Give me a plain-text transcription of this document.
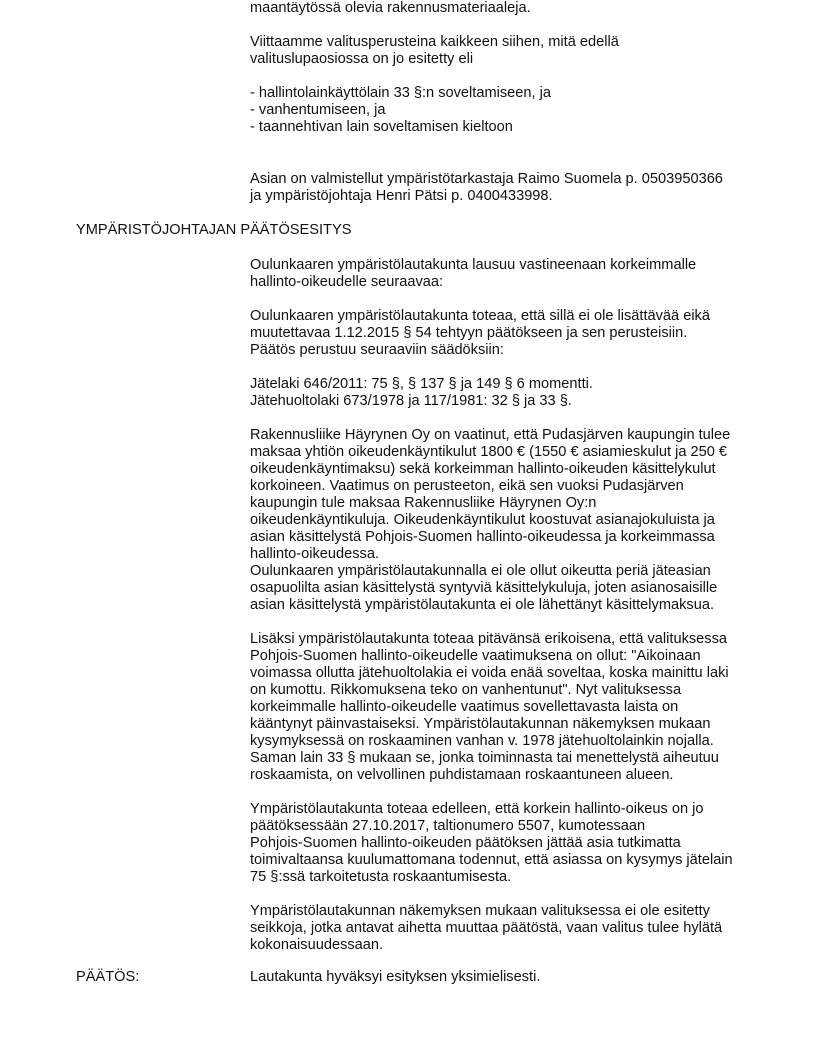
maantäytössä olevia rakennusmateriaaleja.
Viittaamme valitusperusteina kaikkeen siihen, mitä edellä
valituslupaosiossa on jo esitetty eli
- hallintolainkäyttölain 33 §:n soveltamiseen, ja
- vanhentumiseen, ja
- taannehtivan lain soveltamisen kieltoon
Asian on valmistellut ympäristötarkastaja Raimo Suomela p. 0503950366
ja ympäristöjohtaja Henri Pätsi p. 0400433998.
YMPÄRISTÖJOHTAJAN PÄÄTÖSESITYS
Oulunkaaren ympäristölautakunta lausuu vastineenaan korkeimmalle
hallinto-oikeudelle seuraavaa:
Oulunkaaren ympäristölautakunta toteaa, että sillä ei ole lisättävää eikä
muutettavaa 1.12.2015 § 54 tehtyyn päätökseen ja sen perusteisiin.
Päätös perustuu seuraaviin säädöksiin:
Jätelaki 646/2011: 75 §, § 137 § ja 149 § 6 momentti.
Jätehuoltolaki 673/1978 ja 117/1981: 32 § ja 33 §.
Rakennusliike Häyrynen Oy on vaatinut, että Pudasjärven kaupungin tulee
maksaa yhtiön oikeudenkäyntikulut 1800 € (1550 € asiamieskulut ja 250 €
oikeudenkäyntimaksu) sekä korkeimman hallinto-oikeuden käsittelykulut
korkoineen. Vaatimus on perusteeton, eikä sen vuoksi Pudasjärven
kaupungin tule maksaa Rakennusliike Häyrynen Oy:n
oikeudenkäyntikuluja. Oikeudenkäyntikulut koostuvat asianajokuluista ja
asian käsittelystä Pohjois-Suomen hallinto-oikeudessa ja korkeimmassa
hallinto-oikeudessa.
Oulunkaaren ympäristölautakunnalla ei ole ollut oikeutta periä jäteasian
osapuolilta asian käsittelystä syntyviä käsittelykuluja, joten asianosaisille
asian käsittelystä ympäristölautakunta ei ole lähettänyt käsittelymaksua.
Lisäksi ympäristölautakunta toteaa pitävänsä erikoisena, että valituksessa
Pohjois-Suomen hallinto-oikeudelle vaatimuksena on ollut: "Aikoinaan
voimassa ollutta jätehuoltolakia ei voida enää soveltaa, koska mainittu laki
on kumottu. Rikkomuksena teko on vanhentunut". Nyt valituksessa
korkeimmalle hallinto-oikeudelle vaatimus sovellettavasta laista on
kääntynyt päinvastaiseksi. Ympäristölautakunnan näkemyksen mukaan
kysymyksessä on roskaaminen vanhan v. 1978 jätehuoltolainkin nojalla.
Saman lain 33 § mukaan se, jonka toiminnasta tai menettelystä aiheutuu
roskaamista, on velvollinen puhdistamaan roskaantuneen alueen.
Ympäristölautakunta toteaa edelleen, että korkein hallinto-oikeus on jo
päätöksessään 27.10.2017, taltionumero 5507, kumotessaan
Pohjois-Suomen hallinto-oikeuden päätöksen jättää asia tutkimatta
toimivaltaansa kuulumattomana todennut, että asiassa on kysymys jätelain
75 §:ssä tarkoitetusta roskaantumisesta.
Ympäristölautakunnan näkemyksen mukaan valituksessa ei ole esitetty
seikkoja, jotka antavat aihetta muuttaa päätöstä, vaan valitus tulee hylätä
kokonaisuudessaan.
PÄÄTÖS:	Lautakunta hyväksyi esityksen yksimielisesti.
